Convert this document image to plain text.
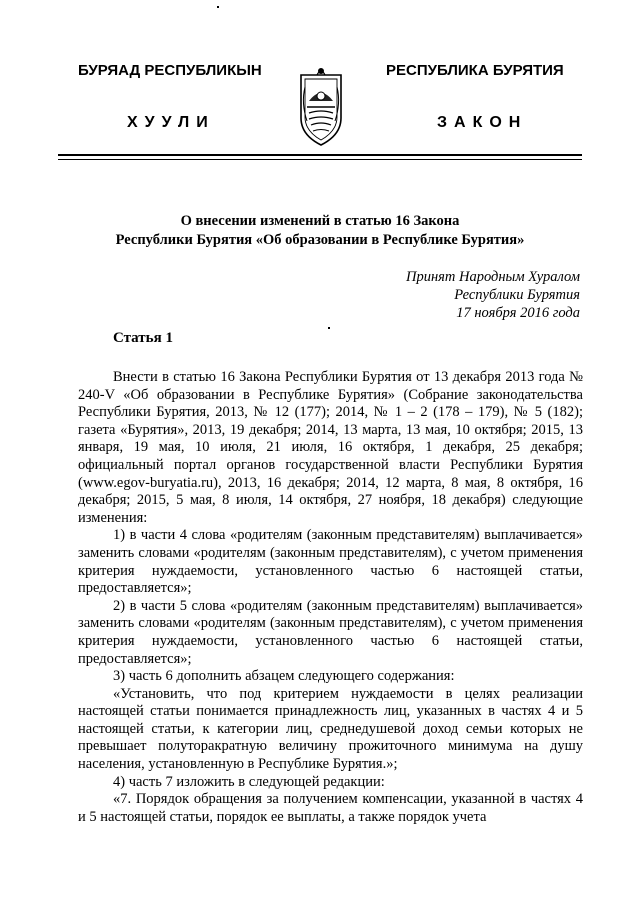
БУРЯАД РЕСПУБЛИКЫН	РЕСПУБЛИКА БУРЯТИЯ
ХУУЛИ	ЗАКОН
О внесении изменений в статью 16 Закона
Республики Бурятия «Об образовании в Республике Бурятия»
Принят Народным Хуралом
Республики Бурятия
17 ноября 2016 года
Статья 1

Внести в статью 16 Закона Республики Бурятия от 13 декабря 2013 года № 240-V «Об образовании в Республике Бурятия» (Собрание законодательства Республики Бурятия, 2013, № 12 (177); 2014, № 1 – 2 (178 – 179), № 5 (182); газета «Бурятия», 2013, 19 декабря; 2014, 13 марта, 13 мая, 10 октября; 2015, 13 января, 19 мая, 10 июля, 21 июля, 16 октября, 1 декабря, 25 декабря; официальный портал органов государственной власти Республики Бурятия (www.egov-buryatia.ru), 2013, 16 декабря; 2014, 12 марта, 8 мая, 8 октября, 16 декабря; 2015, 5 мая, 8 июля, 14 октября, 27 ноября, 18 декабря) следующие изменения:

1) в части 4 слова «родителям (законным представителям) выплачивается» заменить словами «родителям (законным представителям), с учетом применения критерия нуждаемости, установленного частью 6 настоящей статьи, предоставляется»;

2) в части 5 слова «родителям (законным представителям) выплачивается» заменить словами «родителям (законным представителям), с учетом применения критерия нуждаемости, установленного частью 6 настоящей статьи, предоставляется»;

3) часть 6 дополнить абзацем следующего содержания:

«Установить, что под критерием нуждаемости в целях реализации настоящей статьи понимается принадлежность лиц, указанных в частях 4 и 5 настоящей статьи, к категории лиц, среднедушевой доход семьи которых не превышает полуторакратную величину прожиточного минимума на душу населения, установленную в Республике Бурятия.»;

4) часть 7 изложить в следующей редакции:

«7. Порядок обращения за получением компенсации, указанной в частях 4 и 5 настоящей статьи, порядок ее выплаты, а также порядок учета
